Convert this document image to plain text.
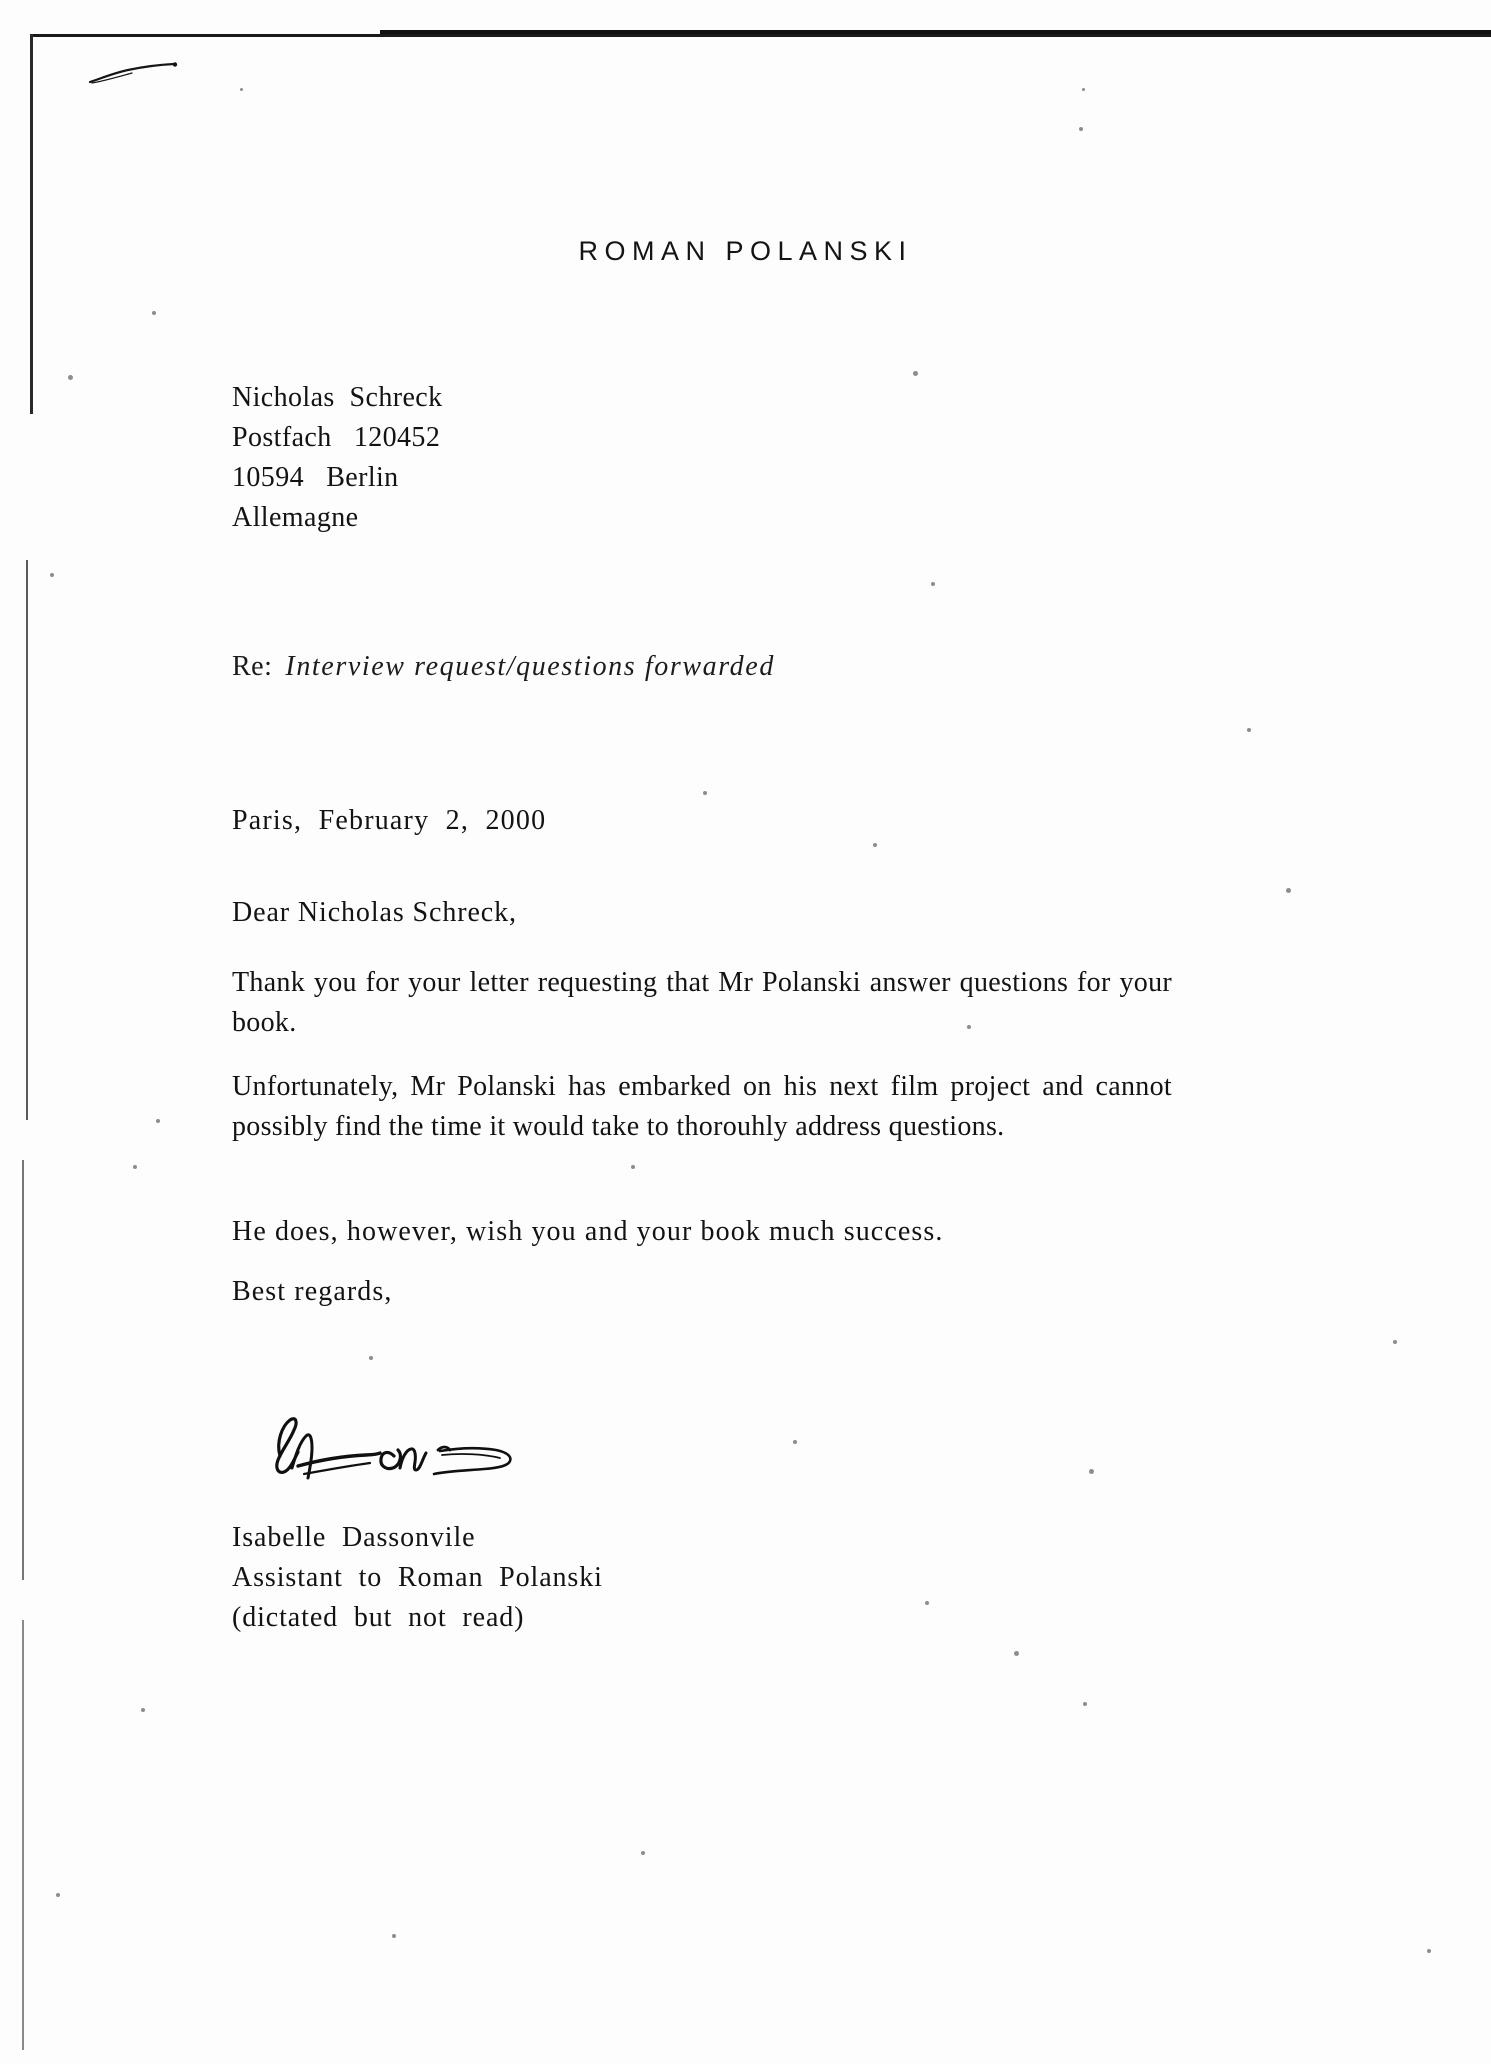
ROMAN POLANSKI
Nicholas  Schreck
Postfach   120452
10594   Berlin
Allemagne
Re: Interview request/questions forwarded
Paris,  February  2,  2000
Dear Nicholas Schreck,
Thank you for your letter requesting that Mr Polanski answer questions for your book.
Unfortunately, Mr Polanski has embarked on his next film project and cannot possibly find the time it would take to thorouhly address questions.
He does, however, wish you and your book much success.
Best regards,
Isabelle  Dassonvile
Assistant  to  Roman  Polanski
(dictated  but  not  read)
